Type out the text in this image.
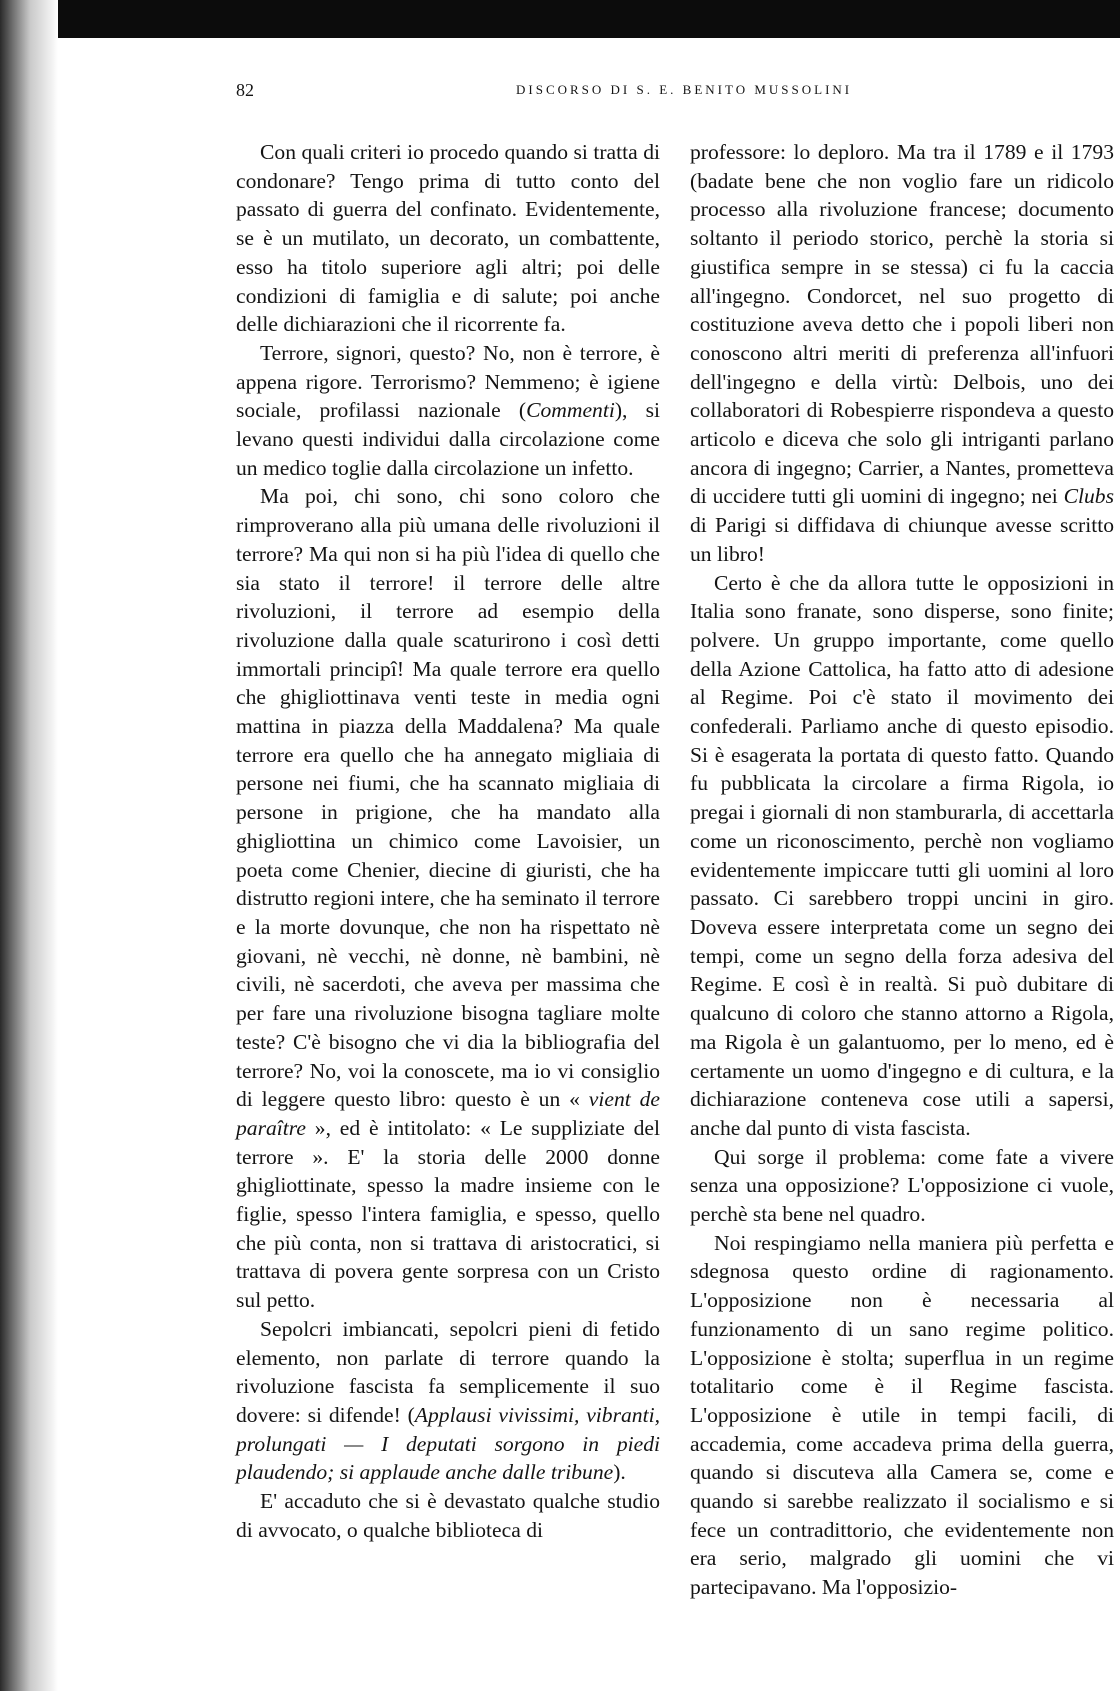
82	DISCORSO DI S. E. BENITO MUSSOLINI

Con quali criteri io procedo quando si tratta di condonare? Tengo prima di tutto conto del passato di guerra del confinato. Evidentemente, se è un mutilato, un decorato, un combattente, esso ha titolo superiore agli altri; poi delle condizioni di famiglia e di salute; poi anche delle dichiarazioni che il ricorrente fa.

Terrore, signori, questo? No, non è terrore, è appena rigore. Terrorismo? Nemmeno; è igiene sociale, profilassi nazionale (Commenti), si levano questi individui dalla circolazione come un medico toglie dalla circolazione un infetto.

Ma poi, chi sono, chi sono coloro che rimproverano alla più umana delle rivoluzioni il terrore? Ma qui non si ha più l'idea di quello che sia stato il terrore! il terrore delle altre rivoluzioni, il terrore ad esempio della rivoluzione dalla quale scaturirono i così detti immortali principî! Ma quale terrore era quello che ghigliottinava venti teste in media ogni mattina in piazza della Maddalena? Ma quale terrore era quello che ha annegato migliaia di persone nei fiumi, che ha scannato migliaia di persone in prigione, che ha mandato alla ghigliottina un chimico come Lavoisier, un poeta come Chenier, diecine di giuristi, che ha distrutto regioni intere, che ha seminato il terrore e la morte dovunque, che non ha rispettato nè giovani, nè vecchi, nè donne, nè bambini, nè civili, nè sacerdoti, che aveva per massima che per fare una rivoluzione bisogna tagliare molte teste? C'è bisogno che vi dia la bibliografia del terrore? No, voi la conoscete, ma io vi consiglio di leggere questo libro: questo è un « vient de paraître », ed è intitolato: « Le suppliziate del terrore ». E' la storia delle 2000 donne ghigliottinate, spesso la madre insieme con le figlie, spesso l'intera famiglia, e spesso, quello che più conta, non si trattava di aristocratici, si trattava di povera gente sorpresa con un Cristo sul petto.

Sepolcri imbiancati, sepolcri pieni di fetido elemento, non parlate di terrore quando la rivoluzione fascista fa semplicemente il suo dovere: si difende! (Applausi vivissimi, vibranti, prolungati — I deputati sorgono in piedi plaudendo; si applaude anche dalle tribune).

E' accaduto che si è devastato qualche studio di avvocato, o qualche biblioteca di

professore: lo deploro. Ma tra il 1789 e il 1793 (badate bene che non voglio fare un ridicolo processo alla rivoluzione francese; documento soltanto il periodo storico, perchè la storia si giustifica sempre in se stessa) ci fu la caccia all'ingegno. Condorcet, nel suo progetto di costituzione aveva detto che i popoli liberi non conoscono altri meriti di preferenza all'infuori dell'ingegno e della virtù: Delbois, uno dei collaboratori di Robespierre rispondeva a questo articolo e diceva che solo gli intriganti parlano ancora di ingegno; Carrier, a Nantes, prometteva di uccidere tutti gli uomini di ingegno; nei Clubs di Parigi si diffidava di chiunque avesse scritto un libro!

Certo è che da allora tutte le opposizioni in Italia sono franate, sono disperse, sono finite; polvere. Un gruppo importante, come quello della Azione Cattolica, ha fatto atto di adesione al Regime. Poi c'è stato il movimento dei confederali. Parliamo anche di questo episodio. Si è esagerata la portata di questo fatto. Quando fu pubblicata la circolare a firma Rigola, io pregai i giornali di non stamburarla, di accettarla come un riconoscimento, perchè non vogliamo evidentemente impiccare tutti gli uomini al loro passato. Ci sarebbero troppi uncini in giro. Doveva essere interpretata come un segno dei tempi, come un segno della forza adesiva del Regime. E così è in realtà. Si può dubitare di qualcuno di coloro che stanno attorno a Rigola, ma Rigola è un galantuomo, per lo meno, ed è certamente un uomo d'ingegno e di cultura, e la dichiarazione conteneva cose utili a sapersi, anche dal punto di vista fascista.

Qui sorge il problema: come fate a vivere senza una opposizione? L'opposizione ci vuole, perchè sta bene nel quadro.

Noi respingiamo nella maniera più perfetta e sdegnosa questo ordine di ragionamento. L'opposizione non è necessaria al funzionamento di un sano regime politico. L'opposizione è stolta; superflua in un regime totalitario come è il Regime fascista. L'opposizione è utile in tempi facili, di accademia, come accadeva prima della guerra, quando si discuteva alla Camera se, come e quando si sarebbe realizzato il socialismo e si fece un contradittorio, che evidentemente non era serio, malgrado gli uomini che vi partecipavano. Ma l'opposizio-
